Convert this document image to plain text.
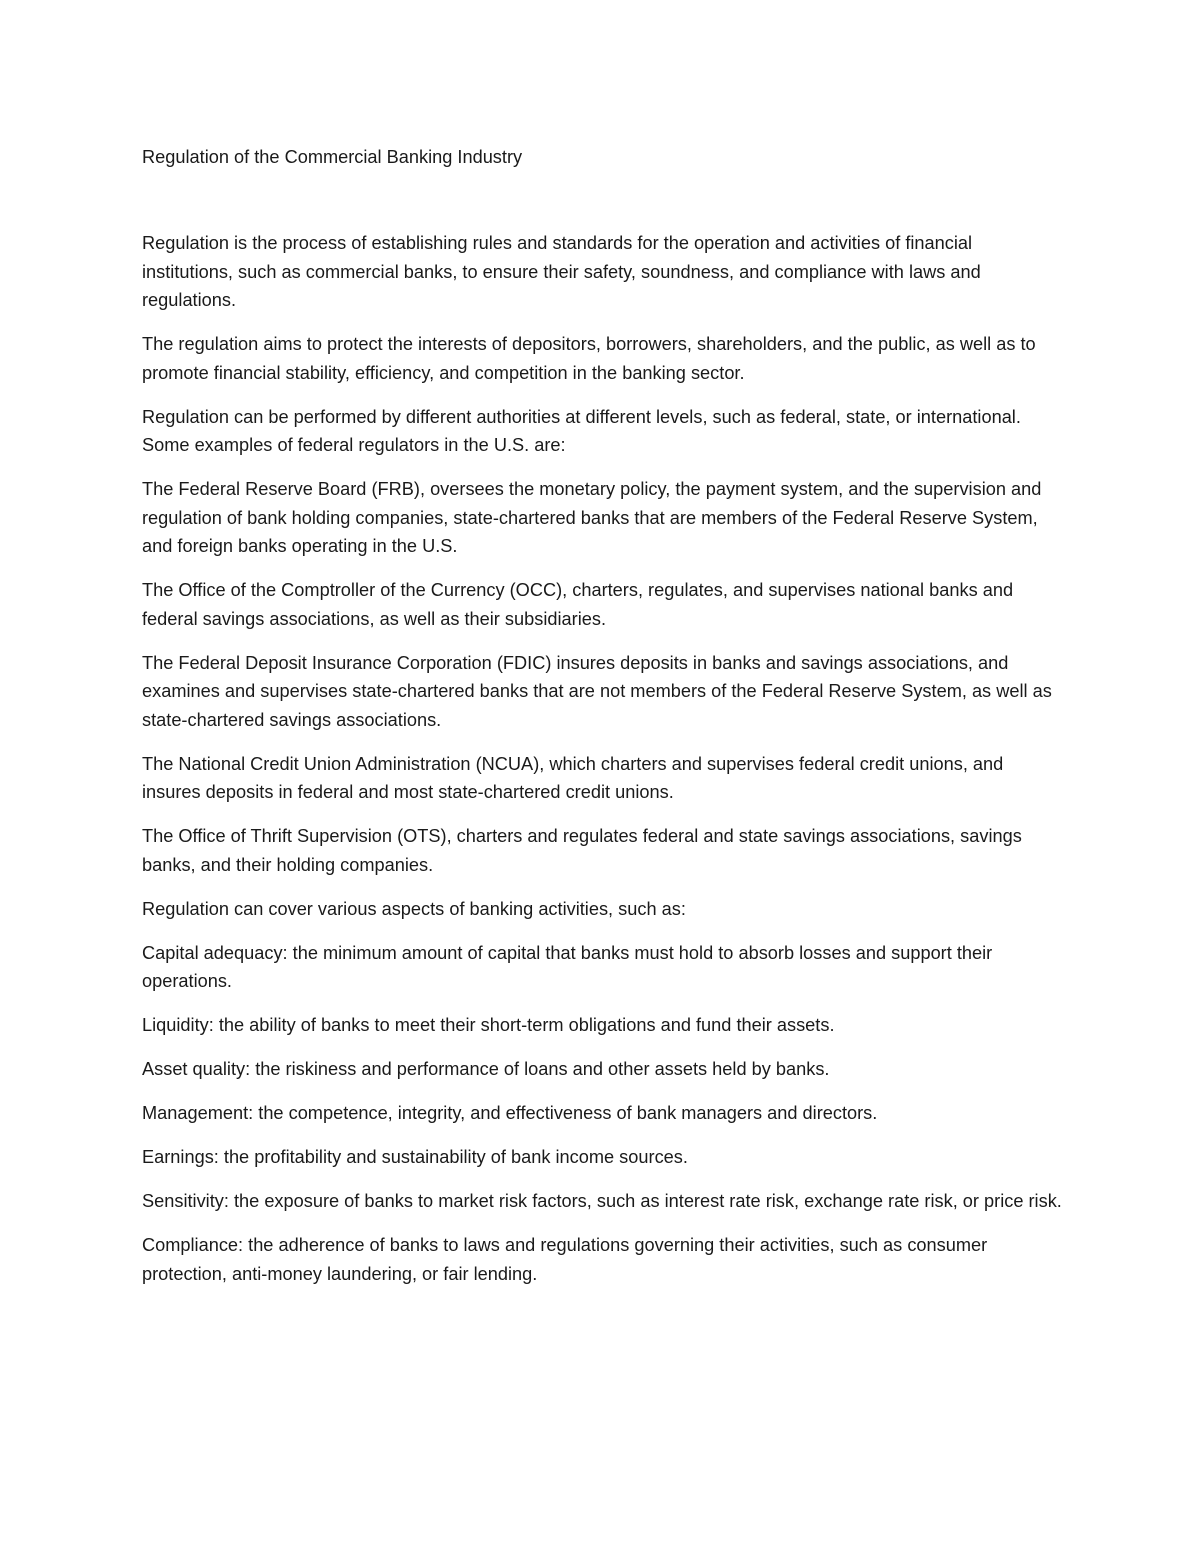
Regulation of the Commercial Banking Industry

Regulation is the process of establishing rules and standards for the operation and activities of financial institutions, such as commercial banks, to ensure their safety, soundness, and compliance with laws and regulations.

The regulation aims to protect the interests of depositors, borrowers, shareholders, and the public, as well as to promote financial stability, efficiency, and competition in the banking sector.

Regulation can be performed by different authorities at different levels, such as federal, state, or international. Some examples of federal regulators in the U.S. are:

The Federal Reserve Board (FRB), oversees the monetary policy, the payment system, and the supervision and regulation of bank holding companies, state-chartered banks that are members of the Federal Reserve System, and foreign banks operating in the U.S.

The Office of the Comptroller of the Currency (OCC), charters, regulates, and supervises national banks and federal savings associations, as well as their subsidiaries.

The Federal Deposit Insurance Corporation (FDIC) insures deposits in banks and savings associations, and examines and supervises state-chartered banks that are not members of the Federal Reserve System, as well as state-chartered savings associations.

The National Credit Union Administration (NCUA), which charters and supervises federal credit unions, and insures deposits in federal and most state-chartered credit unions.

The Office of Thrift Supervision (OTS), charters and regulates federal and state savings associations, savings banks, and their holding companies.

Regulation can cover various aspects of banking activities, such as:

Capital adequacy: the minimum amount of capital that banks must hold to absorb losses and support their operations.

Liquidity: the ability of banks to meet their short-term obligations and fund their assets.

Asset quality: the riskiness and performance of loans and other assets held by banks.

Management: the competence, integrity, and effectiveness of bank managers and directors.

Earnings: the profitability and sustainability of bank income sources.

Sensitivity: the exposure of banks to market risk factors, such as interest rate risk, exchange rate risk, or price risk.

Compliance: the adherence of banks to laws and regulations governing their activities, such as consumer protection, anti-money laundering, or fair lending.
